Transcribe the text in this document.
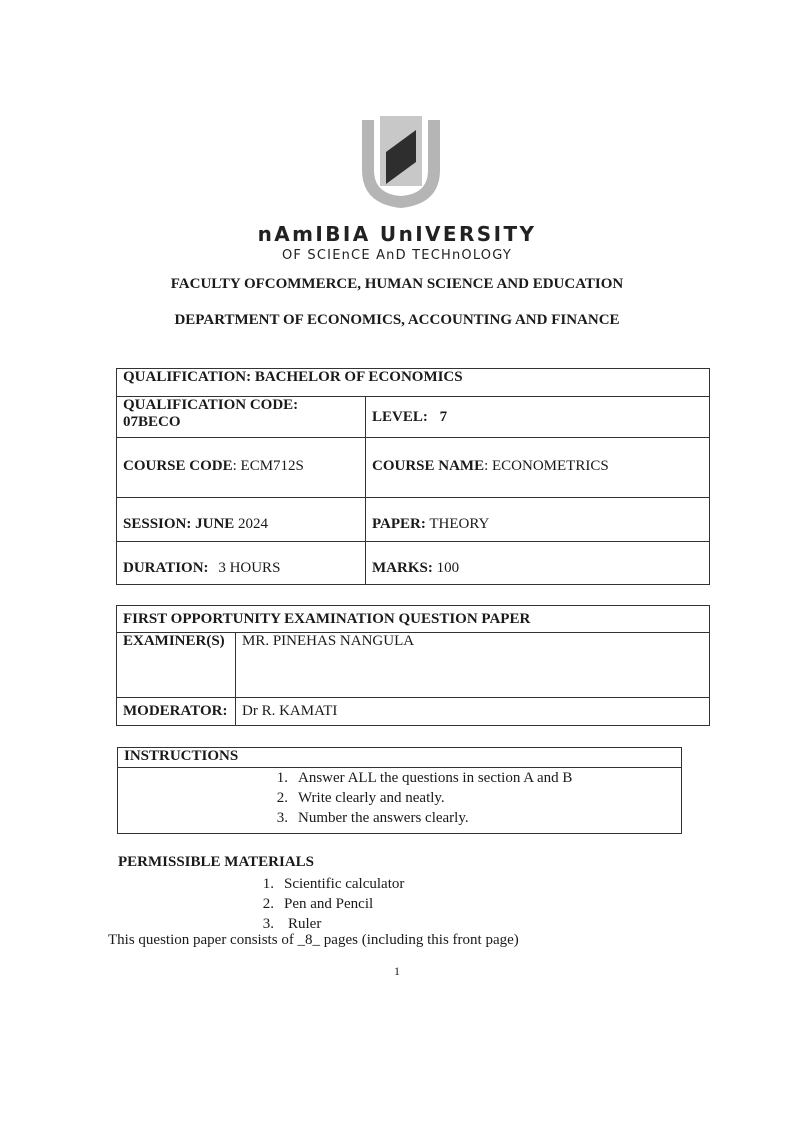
nAmIBIA UnIVERSITY
OF SCIEnCE AnD TECHnOLOGY
FACULTY OFCOMMERCE, HUMAN SCIENCE AND EDUCATION
DEPARTMENT OF ECONOMICS, ACCOUNTING AND FINANCE
QUALIFICATION: BACHELOR OF ECONOMICS	

QUALIFICATION CODE:
07BECO	LEVEL: 7
COURSE CODE: ECM712S	COURSE NAME: ECONOMETRICS
SESSION: JUNE 2024	PAPER: THEORY
DURATION: 3 HOURS	MARKS: 100
FIRST OPPORTUNITY EXAMINATION QUESTION PAPER	
EXAMINER(S)	MR. PINEHAS NANGULA
MODERATOR:	Dr R. KAMATI
INSTRUCTIONS

1. Answer ALL the questions in section A and B
2. Write clearly and neatly.
3. Number the answers clearly.
PERMISSIBLE MATERIALS
1. Scientific calculator
2. Pen and Pencil
3. Ruler
This question paper consists of _8_ pages (including this front page)
1
